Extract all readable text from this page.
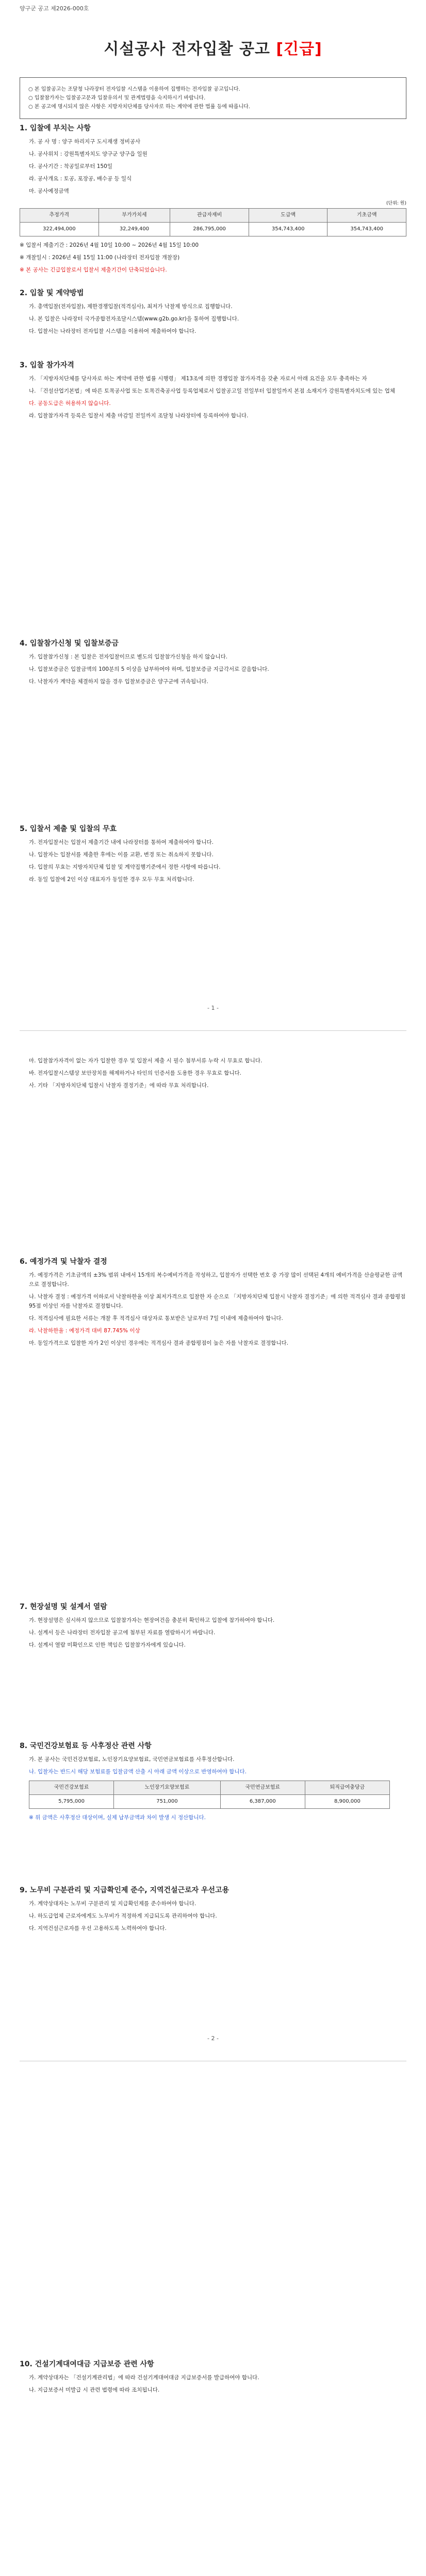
양구군 공고 제2026-000호
시설공사 전자입찰 공고 [긴급]
○ 본 입찰공고는 조달청 나라장터 전자입찰 시스템을 이용하여 집행하는 전자입찰 공고입니다.
○ 입찰참가자는 입찰공고문과 입찰유의서 및 관계법령을 숙지하시기 바랍니다.
○ 본 공고에 명시되지 않은 사항은 지방자치단체를 당사자로 하는 계약에 관한 법률 등에 따릅니다.
1. 입찰에 부치는 사항

가. 공 사 명 : 양구 하리지구 도시재생 정비공사

나. 공사위치 : 강원특별자치도 양구군 양구읍 일원

다. 공사기간 : 착공일로부터 150일

라. 공사개요 : 토공, 포장공, 배수공 등 일식

마. 공사예정금액

(단위: 원)
추정가격	부가가치세	관급자재비	도급액	기초금액
322,494,000	32,249,400	286,795,000	354,743,400	354,743,400

※ 입찰서 제출기간 : 2026년 4월 10일 10:00 ~ 2026년 4월 15일 10:00

※ 개찰일시 : 2026년 4월 15일 11:00 (나라장터 전자입찰 개찰장)

※ 본 공사는 긴급입찰로서 입찰서 제출기간이 단축되었습니다.

2. 입찰 및 계약방법

가. 총액입찰(전자입찰), 제한경쟁입찰(적격심사), 최저가 낙찰제 방식으로 집행합니다.

나. 본 입찰은 나라장터 국가종합전자조달시스템(www.g2b.go.kr)을 통하여 집행합니다.

다. 입찰서는 나라장터 전자입찰 시스템을 이용하여 제출하여야 합니다.

3. 입찰 참가자격

가. 「지방자치단체를 당사자로 하는 계약에 관한 법률 시행령」 제13조에 의한 경쟁입찰 참가자격을 갖춘 자로서 아래 요건을 모두 충족하는 자

나. 「건설산업기본법」에 따른 토목공사업 또는 토목건축공사업 등록업체로서 입찰공고일 전일부터 입찰일까지 본점 소재지가 강원특별자치도에 있는 업체

다. 공동도급은 허용하지 않습니다.

라. 입찰참가자격 등록은 입찰서 제출 마감일 전일까지 조달청 나라장터에 등록하여야 합니다.

4. 입찰참가신청 및 입찰보증금

가. 입찰참가신청 : 본 입찰은 전자입찰이므로 별도의 입찰참가신청을 하지 않습니다.

나. 입찰보증금은 입찰금액의 100분의 5 이상을 납부하여야 하며, 입찰보증금 지급각서로 갈음합니다.

다. 낙찰자가 계약을 체결하지 않을 경우 입찰보증금은 양구군에 귀속됩니다.

5. 입찰서 제출 및 입찰의 무효

가. 전자입찰서는 입찰서 제출기간 내에 나라장터를 통하여 제출하여야 합니다.

나. 입찰자는 입찰서를 제출한 후에는 이를 교환, 변경 또는 취소하지 못합니다.

다. 입찰의 무효는 지방자치단체 입찰 및 계약집행기준에서 정한 사항에 따릅니다.

라. 동일 입찰에 2인 이상 대표자가 동일한 경우 모두 무효 처리합니다.

- 1 -

마. 입찰참가자격이 없는 자가 입찰한 경우 및 입찰서 제출 시 필수 첨부서류 누락 시 무효로 합니다.

바. 전자입찰시스템상 보안장치를 해제하거나 타인의 인증서를 도용한 경우 무효로 합니다.

사. 기타 「지방자치단체 입찰시 낙찰자 결정기준」에 따라 무효 처리합니다.

6. 예정가격 및 낙찰자 결정

가. 예정가격은 기초금액의 ±3% 범위 내에서 15개의 복수예비가격을 작성하고, 입찰자가 선택한 번호 중 가장 많이 선택된 4개의 예비가격을 산술평균한 금액으로 결정합니다.

나. 낙찰자 결정 : 예정가격 이하로서 낙찰하한율 이상 최저가격으로 입찰한 자 순으로 「지방자치단체 입찰시 낙찰자 결정기준」에 의한 적격심사 결과 종합평점 95점 이상인 자를 낙찰자로 결정합니다.

다. 적격심사에 필요한 서류는 개찰 후 적격심사 대상자로 통보받은 날로부터 7일 이내에 제출하여야 합니다.

라. 낙찰하한율 : 예정가격 대비 87.745% 이상

마. 동일가격으로 입찰한 자가 2인 이상인 경우에는 적격심사 결과 종합평점이 높은 자를 낙찰자로 결정합니다.

7. 현장설명 및 설계서 열람

가. 현장설명은 실시하지 않으므로 입찰참가자는 현장여건을 충분히 확인하고 입찰에 참가하여야 합니다.

나. 설계서 등은 나라장터 전자입찰 공고에 첨부된 자료를 열람하시기 바랍니다.

다. 설계서 열람 미확인으로 인한 책임은 입찰참가자에게 있습니다.

8. 국민건강보험료 등 사후정산 관련 사항

가. 본 공사는 국민건강보험료, 노인장기요양보험료, 국민연금보험료를 사후정산합니다.

나. 입찰자는 반드시 해당 보험료를 입찰금액 산출 시 아래 금액 이상으로 반영하여야 합니다.

국민건강보험료	노인장기요양보험료	국민연금보험료	퇴직급여충당금
5,795,000	751,000	6,387,000	8,900,000

※ 위 금액은 사후정산 대상이며, 실제 납부금액과 차이 발생 시 정산합니다.

9. 노무비 구분관리 및 지급확인제 준수, 지역건설근로자 우선고용

가. 계약상대자는 노무비 구분관리 및 지급확인제를 준수하여야 합니다.

나. 하도급업체 근로자에게도 노무비가 적정하게 지급되도록 관리하여야 합니다.

다. 지역건설근로자를 우선 고용하도록 노력하여야 합니다.

- 2 -
10. 건설기계대여대금 지급보증 관련 사항

가. 계약상대자는 「건설기계관리법」에 따라 건설기계대여대금 지급보증서를 발급하여야 합니다.

나. 지급보증서 미발급 시 관련 법령에 따라 조치됩니다.
